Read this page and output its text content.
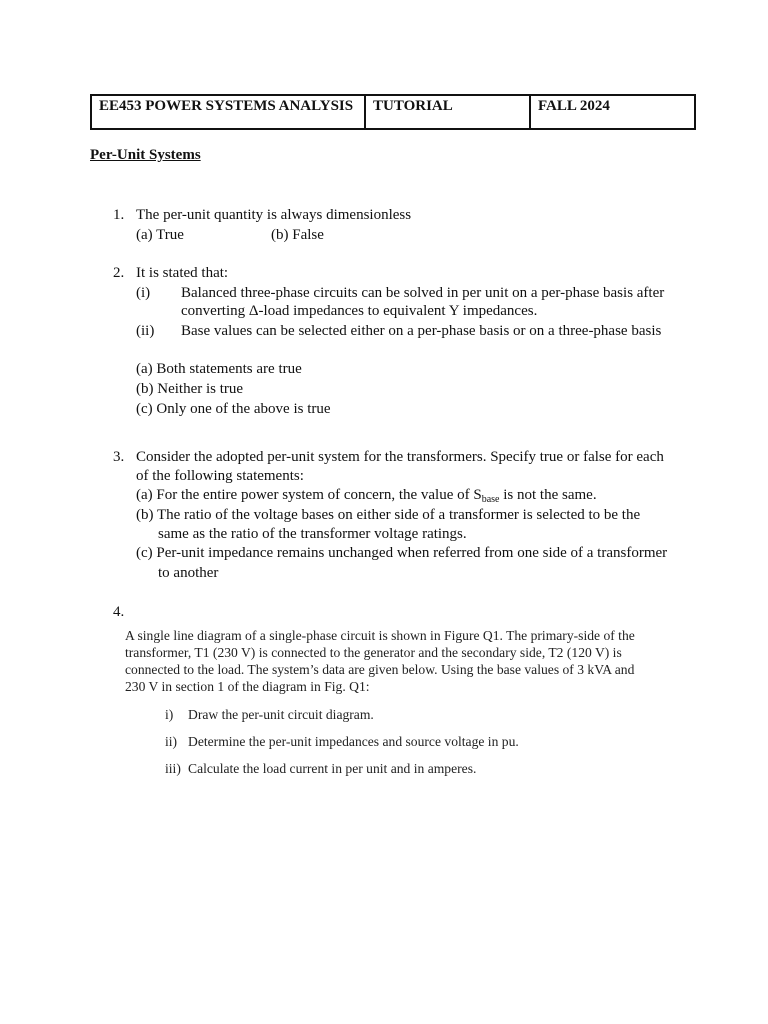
EE453 POWER SYSTEMS ANALYSIS	TUTORIAL	FALL 2024
Per-Unit Systems
1. The per-unit quantity is always dimensionless
(a) True	(b) False
2. It is stated that:
(i) Balanced three-phase circuits can be solved in per unit on a per-phase basis after
converting Δ-load impedances to equivalent Y impedances.
(ii) Base values can be selected either on a per-phase basis or on a three-phase basis
(a) Both statements are true
(b) Neither is true
(c) Only one of the above is true
3. Consider the adopted per-unit system for the transformers. Specify true or false for each
of the following statements:
(a) For the entire power system of concern, the value of $S_{base}$ is not the same.
(b) The ratio of the voltage bases on either side of a transformer is selected to be the
same as the ratio of the transformer voltage ratings.
(c) Per-unit impedance remains unchanged when referred from one side of a transformer
to another
4.
A single line diagram of a single-phase circuit is shown in Figure Q1. The primary-side of the
transformer, T1 (230 V) is connected to the generator and the secondary side, T2 (120 V) is
connected to the load. The system’s data are given below. Using the base values of 3 kVA and
230 V in section 1 of the diagram in Fig. Q1:
i) Draw the per-unit circuit diagram.
ii) Determine the per-unit impedances and source voltage in pu.
iii) Calculate the load current in per unit and in amperes.
